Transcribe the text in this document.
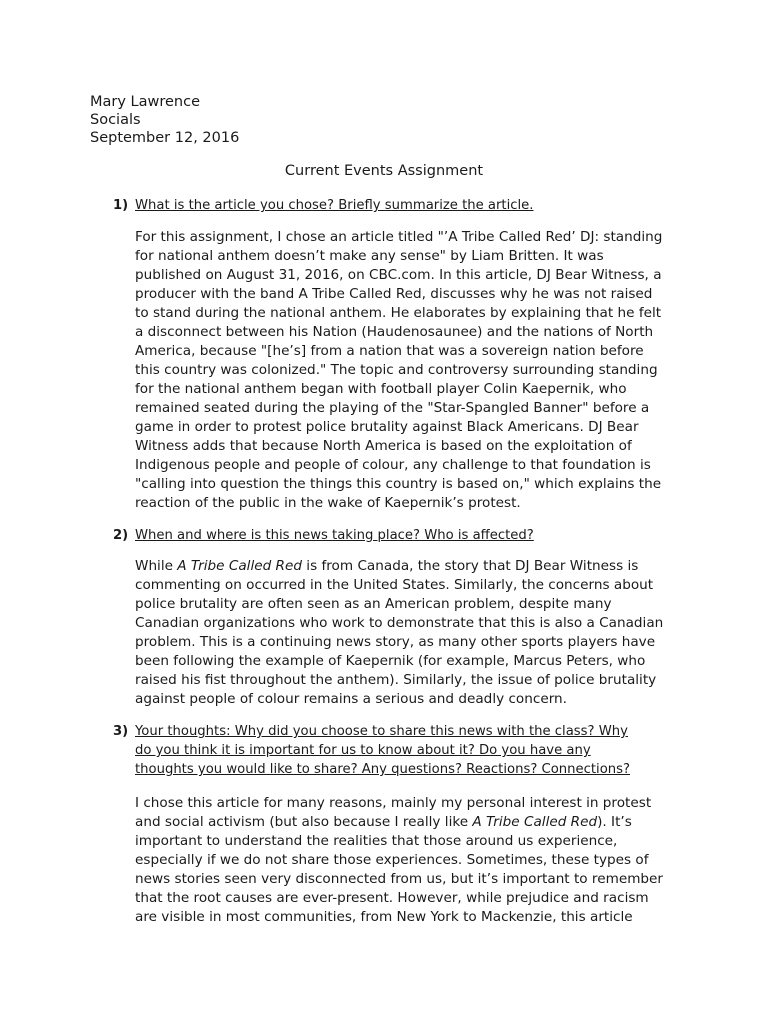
Mary Lawrence
Socials
September 12, 2016
Current Events Assignment
1) What is the article you chose? Briefly summarize the article.
For this assignment, I chose an article titled "’A Tribe Called Red’ DJ: standing
for national anthem doesn’t make any sense" by Liam Britten. It was
published on August 31, 2016, on CBC.com. In this article, DJ Bear Witness, a
producer with the band A Tribe Called Red, discusses why he was not raised
to stand during the national anthem. He elaborates by explaining that he felt
a disconnect between his Nation (Haudenosaunee) and the nations of North
America, because "[he’s] from a nation that was a sovereign nation before
this country was colonized." The topic and controversy surrounding standing
for the national anthem began with football player Colin Kaepernik, who
remained seated during the playing of the "Star-Spangled Banner" before a
game in order to protest police brutality against Black Americans. DJ Bear
Witness adds that because North America is based on the exploitation of
Indigenous people and people of colour, any challenge to that foundation is
"calling into question the things this country is based on," which explains the
reaction of the public in the wake of Kaepernik’s protest.
2) When and where is this news taking place? Who is affected?
While A Tribe Called Red is from Canada, the story that DJ Bear Witness is
commenting on occurred in the United States. Similarly, the concerns about
police brutality are often seen as an American problem, despite many
Canadian organizations who work to demonstrate that this is also a Canadian
problem. This is a continuing news story, as many other sports players have
been following the example of Kaepernik (for example, Marcus Peters, who
raised his fist throughout the anthem). Similarly, the issue of police brutality
against people of colour remains a serious and deadly concern.
3) Your thoughts: Why did you choose to share this news with the class? Why
do you think it is important for us to know about it? Do you have any
thoughts you would like to share? Any questions? Reactions? Connections?
I chose this article for many reasons, mainly my personal interest in protest
and social activism (but also because I really like A Tribe Called Red). It’s
important to understand the realities that those around us experience,
especially if we do not share those experiences. Sometimes, these types of
news stories seen very disconnected from us, but it’s important to remember
that the root causes are ever-present. However, while prejudice and racism
are visible in most communities, from New York to Mackenzie, this article
